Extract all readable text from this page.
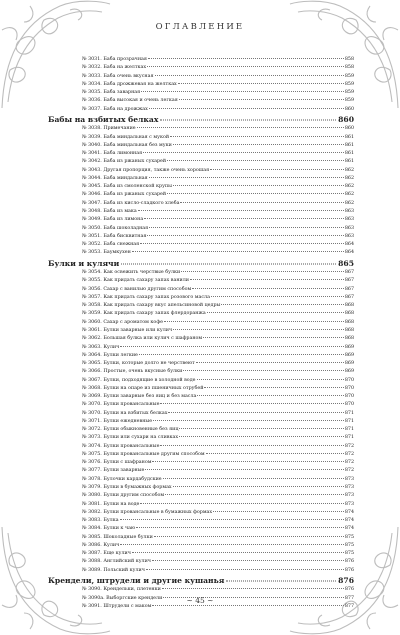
ОГЛАВЛЕНИЕ
№ 3031. Баба прозрачная	858
№ 3032. Баба на желтках	858
№ 3033. Баба очень вкусная	859
№ 3034. Баба дрожжевая на желтках	859
№ 3035. Баба заварная	859
№ 3036. Баба высокая и очень легкая	859
№ 3037. Баба на дрожжах	860
Бабы на взбитых белках	860
№ 3038. Примечание	860
№ 3039. Баба миндальная с мукой	861
№ 3040. Баба миндальная без муки	861
№ 3041. Баба лимонная	861
№ 3042. Баба из ржаных сухарей	861
№ 3043. Другая пропорция, также очень хорошая	862
№ 3044. Баба миндальная	862
№ 3045. Баба из смоленской крупы	862
№ 3046. Баба из ржаных сухарей	862
№ 3047. Баба из кисло-сладкого хлеба	862
№ 3048. Баба из мака	863
№ 3049. Баба из лимона	863
№ 3050. Баба шоколадная	863
№ 3051. Баба бисквитная	863
№ 3052. Баба снежная	864
№ 3053. Баумкухен	864
Булки и кулячи	865
№ 3054. Как освежить черствые булки	867
№ 3055. Как придать сахару запах ванили	867
№ 3056. Сахар с ванилью другим способом	867
№ 3057. Как придать сахару запах розового масла	867
№ 3058. Как придать сахару вкус апельсиновой цедры	868
№ 3059. Как придать сахару запах флердоранжа	868
№ 3060. Сахар с ароматом кофе	868
№ 3061. Булки заварные или кулич	868
№ 3062. Большая булка или кулич с шафраном	868
№ 3063. Кулич	869
№ 3064. Булки легкие	869
№ 3065. Булки, которые долго не черствеют	869
№ 3066. Простые, очень вкусные булки	869
№ 3067. Булки, подходящие в холодной воде	870
№ 3068. Булки на опаре из пшеничных отрубей	870
№ 3069. Булки заварные без яиц и без масла	870
№ 3070. Булки провансальные	870
№ 3070. Булки на взбитых белках	871
№ 3071. Булки ежедневные	871
№ 3072. Булки обыкновенные без яиц	871
№ 3073. Булки или сухари на сливках	871
№ 3074. Булки провансальные	872
№ 3075. Булки провансальные другим способом	872
№ 3076. Булки с шафраном	872
№ 3077. Булки заварные	872
№ 3078. Булочки кардабудские	873
№ 3079. Булки в бумажных формах	873
№ 3080. Булки другим способом	873
№ 3081. Булки на воде	873
№ 3082. Булки провансальные в бумажных формах	874
№ 3083. Булка	874
№ 3084. Булки к чаю	874
№ 3085. Шоколадные булки	875
№ 3086. Кулич	875
№ 3087. Еще кулич	875
№ 3088. Английский кулич	876
№ 3089. Польский кулич	876
Крендели, штрудели и другие кушанья	876
№ 3090. Крендельки, плетенки	876
№ 3090а. Выборгские крендели	877
№ 3091. Штрудели с маком	877
~ 45 ~
